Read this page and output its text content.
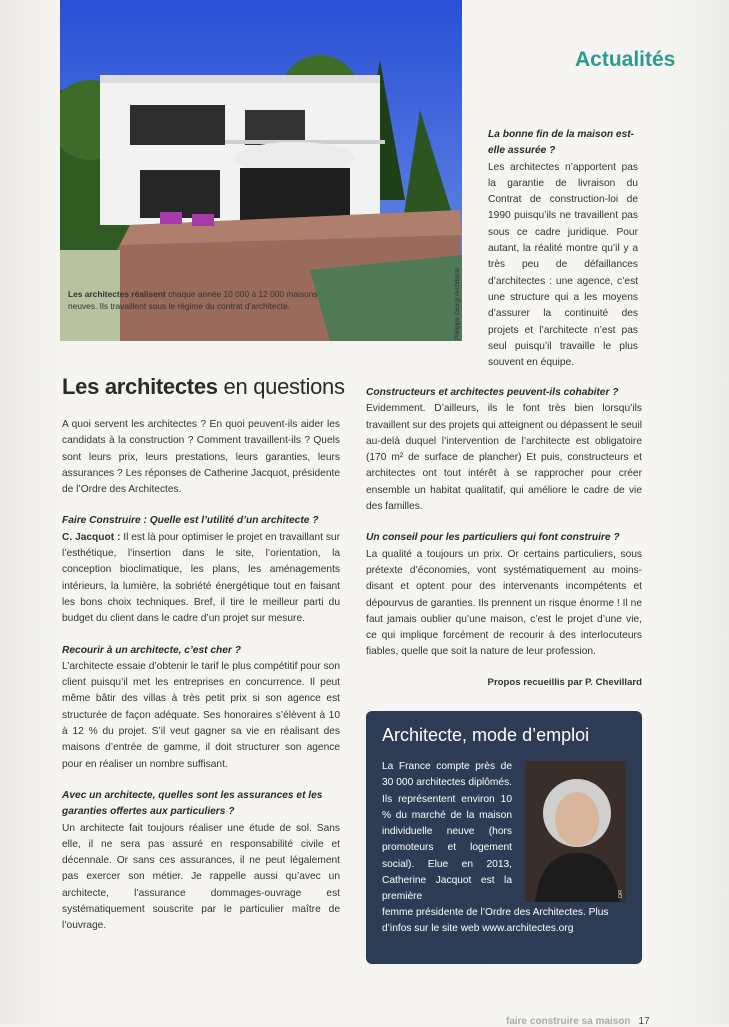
Les architectes réalisent chaque année 10 000 à 12 000 maisons neuves. Ils travaillent sous le régime du contrat d’architecte.	Philippe Giorgi Architecte
Actualités
La bonne fin de la maison est-elle assurée ?

Les architectes n’apportent pas la garantie de livraison du Contrat de construction-loi de 1990 puisqu’ils ne travaillent pas sous ce cadre juridique. Pour autant, la réalité montre qu’il y a très peu de défaillances d’architectes : une agence, c’est une structure qui a les moyens d’assurer la continuité des projets et l’architecte n’est pas seul puisqu’il travaille le plus souvent en équipe.

Les architectes en questions

A quoi servent les architectes ? En quoi peuvent-ils aider les candidats à la construction ? Comment travaillent-ils ? Quels sont leurs prix, leurs prestations, leurs garanties, leurs assurances ? Les réponses de Catherine Jacquot, présidente de l’Ordre des Architectes.

Faire Construire : Quelle est l’utilité d’un architecte ?

C. Jacquot : Il est là pour optimiser le projet en travaillant sur l’esthétique, l’insertion dans le site, l’orientation, la conception bioclimatique, les plans, les aménagements intérieurs, la lumière, la sobriété énergétique tout en faisant les bons choix techniques. Bref, il tire le meilleur parti du budget du client dans le cadre d’un projet sur mesure.

Recourir à un architecte, c’est cher ?

L’architecte essaie d’obtenir le tarif le plus compétitif pour son client puisqu’il met les entreprises en concurrence. Il peut même bâtir des villas à très petit prix si son agence est structurée de façon adéquate. Ses honoraires s’élèvent à 10 à 12 % du projet. S’il veut gagner sa vie en réalisant des maisons d’entrée de gamme, il doit structurer son agence pour en réaliser un nombre suffisant.

Avec un architecte, quelles sont les assurances et les garanties offertes aux particuliers ?

Un architecte fait toujours réaliser une étude de sol. Sans elle, il ne sera pas assuré en responsabilité civile et décennale. Or sans ces assurances, il ne peut légalement pas exercer son métier. Je rappelle aussi qu’avec un architecte, l’assurance dommages-ouvrage est systématiquement souscrite par le particulier maître de l’ouvrage.

Constructeurs et architectes peuvent-ils cohabiter ?

Evidemment. D’ailleurs, ils le font très bien lorsqu’ils travaillent sur des projets qui atteignent ou dépassent le seuil au-delà duquel l’intervention de l’architecte est obligatoire (170 m² de surface de plancher) Et puis, constructeurs et architectes ont tout intérêt à se rapprocher pour créer ensemble un habitat qualitatif, qui améliore le cadre de vie des familles.

Un conseil pour les particuliers qui font construire ?

La qualité a toujours un prix. Or certains particuliers, sous prétexte d’économies, vont systématiquement au moins-disant et optent pour des intervenants incompétents et dépourvus de garanties. Ils prennent un risque énorme ! Il ne faut jamais oublier qu’une maison, c’est le projet d’une vie, ce qui implique forcément de recourir à des interlocuteurs fiables, quelle que soit la nature de leur profession.

Propos recueillis par P. Chevillard
Architecte, mode d’emploi
La France compte près de 30 000 architectes diplômés. Ils représentent environ 10 % du marché de la maison individuelle neuve (hors promoteurs et logement social). Elue en 2013, Catherine Jacquot est la première	DR
femme présidente de l’Ordre des Architectes. Plus d’infos sur le site web www.architectes.org
faire construire sa maison 17
